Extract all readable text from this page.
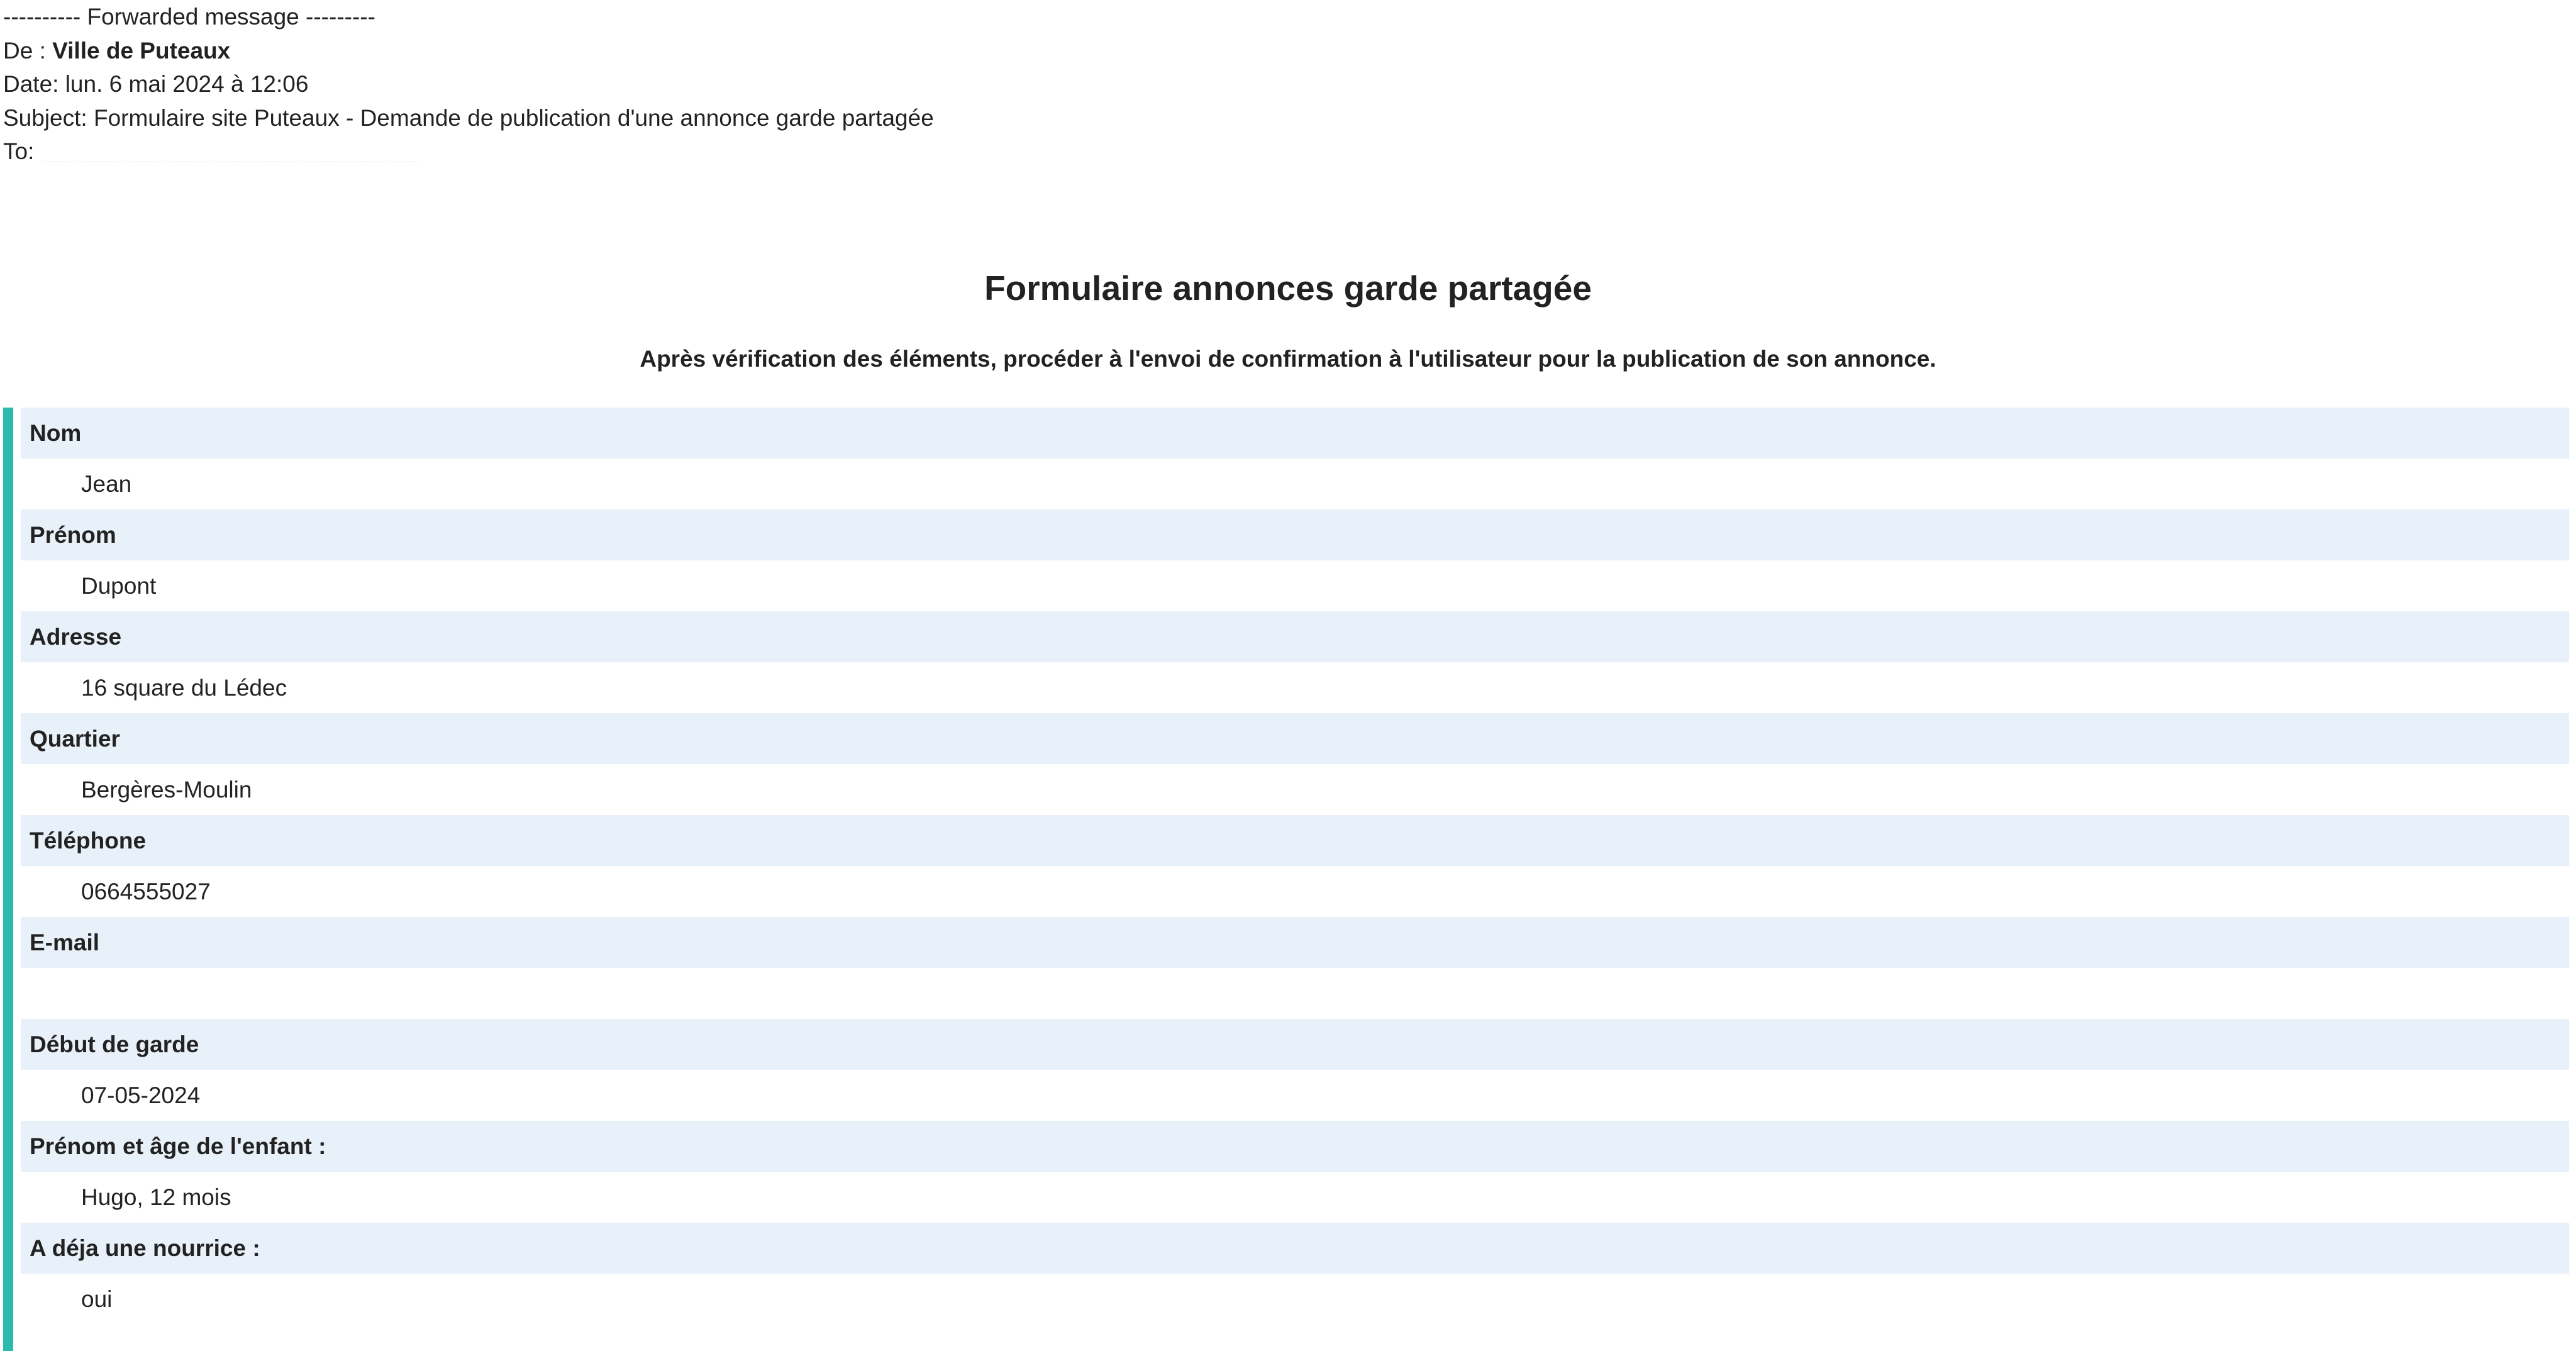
---------- Forwarded message ---------
De : Ville de Puteaux
Date: lun. 6 mai 2024 à 12:06
Subject: Formulaire site Puteaux - Demande de publication d'une annonce garde partagée
To:
Formulaire annonces garde partagée
Après vérification des éléments, procéder à l'envoi de confirmation à l'utilisateur pour la publication de son annonce.
Nom
Jean
Prénom
Dupont
Adresse
16 square du Lédec
Quartier
Bergères-Moulin
Téléphone
0664555027
E-mail
Début de garde
07-05-2024
Prénom et âge de l'enfant :
Hugo, 12 mois
A déja une nourrice :
oui
